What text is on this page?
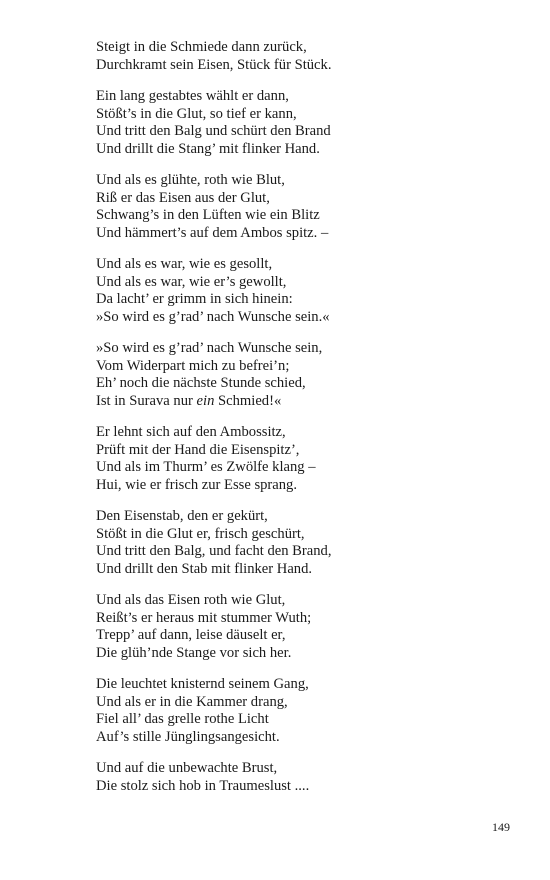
Steigt in die Schmiede dann zurück,
Durchkramt sein Eisen, Stück für Stück.
Ein lang gestabtes wählt er dann,
Stößt’s in die Glut, so tief er kann,
Und tritt den Balg und schürt den Brand
Und drillt die Stang’ mit flinker Hand.
Und als es glühte, roth wie Blut,
Riß er das Eisen aus der Glut,
Schwang’s in den Lüften wie ein Blitz
Und hämmert’s auf dem Ambos spitz. –
Und als es war, wie es gesollt,
Und als es war, wie er’s gewollt,
Da lacht’ er grimm in sich hinein:
»So wird es g’rad’ nach Wunsche sein.«
»So wird es g’rad’ nach Wunsche sein,
Vom Widerpart mich zu befrei’n;
Eh’ noch die nächste Stunde schied,
Ist in Surava nur ein Schmied!«
Er lehnt sich auf den Ambossitz,
Prüft mit der Hand die Eisenspitz’,
Und als im Thurm’ es Zwölfe klang –
Hui, wie er frisch zur Esse sprang.
Den Eisenstab, den er gekürt,
Stößt in die Glut er, frisch geschürt,
Und tritt den Balg, und facht den Brand,
Und drillt den Stab mit flinker Hand.
Und als das Eisen roth wie Glut,
Reißt’s er heraus mit stummer Wuth;
Trepp’ auf dann, leise däuselt er,
Die glüh’nde Stange vor sich her.
Die leuchtet knisternd seinem Gang,
Und als er in die Kammer drang,
Fiel all’ das grelle rothe Licht
Auf’s stille Jünglingsangesicht.
Und auf die unbewachte Brust,
Die stolz sich hob in Traumeslust ....
149
